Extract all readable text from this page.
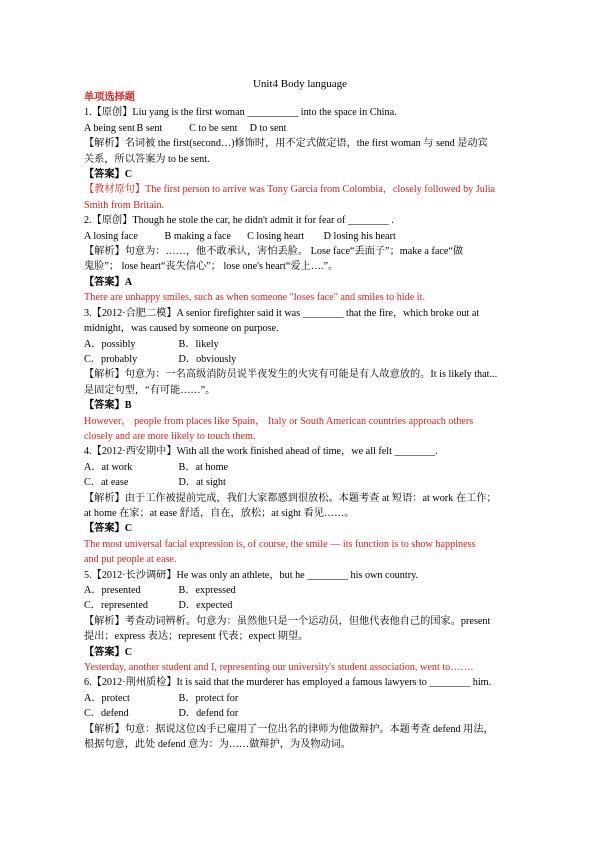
Unit4 Body language
单项选择题
1.【原创】Liu yang is the first woman __________ into the space in China.
A being sent B sent	C to be sent D to sent
【解析】名词被 the first(second…)修饰时，用不定式做定语，the first woman 与 send 是动宾
关系，所以答案为 to be sent.
【答案】C
【教材原句】The first person to arrive was Tony Garcia from Colombia，closely followed by Julia
Smith from Britain.
2.【原创】Though he stole the car, he didn't admit it for fear of ________ .
A losing face	B making a face C losing heart D losing his heart
【解析】句意为：……，他不敢承认，害怕丢脸。 Lose face“丢面子”；make a face“做
鬼脸”； lose heart“丧失信心”； lose one's heart“爱上….”。
【答案】A
There are unhappy smiles, such as when someone "loses face" and smiles to hide it.
3.【2012·合肥二模】A senior firefighter said it was ________ that the fire，which broke out at
midnight，was caused by someone on purpose.
A．possibly	B．likely
C．probably	D．obviously
【解析】句意为：一名高级消防员说半夜发生的火灾有可能是有人故意放的。It is likely that...
是固定句型，“有可能……”。
【答案】B
However， people from places like Spain， Italy or South American countries approach others
closely and are more likely to touch them.
4.【2012·西安期中】With all the work finished ahead of time，we all felt ________.
A．at work	B．at home
C．at ease	D．at sight
【解析】由于工作被提前完成，我们大家都感到很放松。本题考查 at 短语：at work 在工作；
at home 在家；at ease 舒适，自在，放松；at sight 看见……。
【答案】C
The most universal facial expression is, of course, the smile — its function is to show happiness
and put people at ease.
5.【2012·长沙调研】He was only an athlete，but he ________ his own country.
A．presented	B．expressed
C．represented	D．expected
【解析】考查动词辨析。句意为：虽然他只是一个运动员，但他代表他自己的国家。present
提出；express 表达；represent 代表；expect 期望。
【答案】C
Yesterday, another student and I, representing our university's student association, went to…….
6.【2012·荆州质检】It is said that the murderer has employed a famous lawyers to ________ him.
A．protect	B．protect for
C．defend	D．defend for
【解析】句意：据说这位凶手已雇用了一位出名的律师为他做辩护。本题考查 defend 用法，
根据句意，此处 defend 意为：为……做辩护，为及物动词。
